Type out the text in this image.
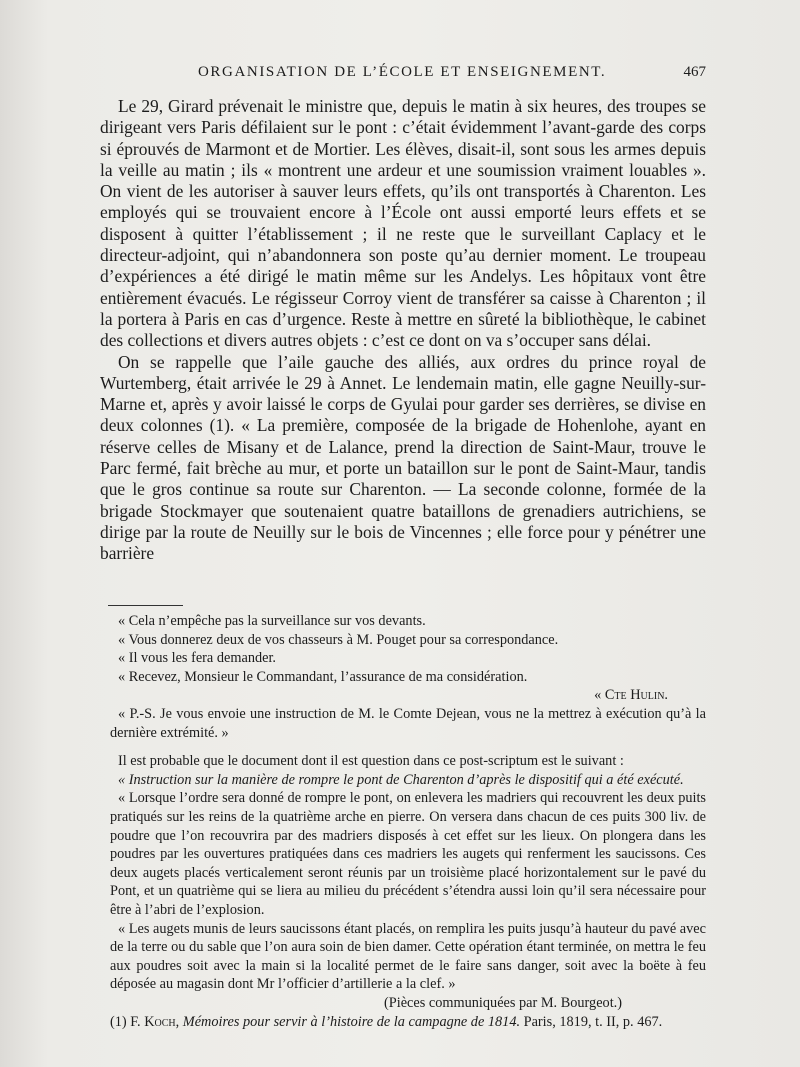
ORGANISATION DE L’ÉCOLE ET ENSEIGNEMENT.	467

Le 29, Girard prévenait le ministre que, depuis le matin à six heures, des troupes se dirigeant vers Paris défilaient sur le pont : c’était évidemment l’avant-garde des corps si éprouvés de Marmont et de Mortier. Les élèves, disait-il, sont sous les armes depuis la veille au matin ; ils « montrent une ardeur et une soumission vraiment louables ». On vient de les autoriser à sauver leurs effets, qu’ils ont transportés à Charenton. Les employés qui se trouvaient encore à l’École ont aussi emporté leurs effets et se disposent à quitter l’établissement ; il ne reste que le surveillant Caplacy et le directeur-adjoint, qui n’abandonnera son poste qu’au dernier moment. Le troupeau d’expériences a été dirigé le matin même sur les Andelys. Les hôpitaux vont être entièrement évacués. Le régisseur Corroy vient de transférer sa caisse à Charenton ; il la portera à Paris en cas d’urgence. Reste à mettre en sûreté la bibliothèque, le cabinet des collections et divers autres objets : c’est ce dont on va s’occuper sans délai.

On se rappelle que l’aile gauche des alliés, aux ordres du prince royal de Wurtemberg, était arrivée le 29 à Annet. Le lendemain matin, elle gagne Neuilly-sur-Marne et, après y avoir laissé le corps de Gyulai pour garder ses derrières, se divise en deux colonnes (1). « La première, composée de la brigade de Hohenlohe, ayant en réserve celles de Misany et de Lalance, prend la direction de Saint-Maur, trouve le Parc fermé, fait brèche au mur, et porte un bataillon sur le pont de Saint-Maur, tandis que le gros continue sa route sur Charenton. — La seconde colonne, formée de la brigade Stockmayer que soutenaient quatre bataillons de grenadiers autrichiens, se dirige par la route de Neuilly sur le bois de Vincennes ; elle force pour y pénétrer une barrière

« Cela n’empêche pas la surveillance sur vos devants.

« Vous donnerez deux de vos chasseurs à M. Pouget pour sa correspondance.

« Il vous les fera demander.

« Recevez, Monsieur le Commandant, l’assurance de ma considération.

« Cte Hulin.

« P.-S. Je vous envoie une instruction de M. le Comte Dejean, vous ne la mettrez à exécution qu’à la dernière extrémité. »

Il est probable que le document dont il est question dans ce post-scriptum est le suivant :

« Instruction sur la manière de rompre le pont de Charenton d’après le dispositif qui a été exécuté.

« Lorsque l’ordre sera donné de rompre le pont, on enlevera les madriers qui recouvrent les deux puits pratiqués sur les reins de la quatrième arche en pierre. On versera dans chacun de ces puits 300 liv. de poudre que l’on recouvrira par des madriers disposés à cet effet sur les lieux. On plongera dans les poudres par les ouvertures pratiquées dans ces madriers les augets qui renferment les saucissons. Ces deux augets placés verticalement seront réunis par un troisième placé horizontalement sur le pavé du Pont, et un quatrième qui se liera au milieu du précédent s’étendra aussi loin qu’il sera nécessaire pour être à l’abri de l’explosion.

« Les augets munis de leurs saucissons étant placés, on remplira les puits jusqu’à hauteur du pavé avec de la terre ou du sable que l’on aura soin de bien damer. Cette opération étant terminée, on mettra le feu aux poudres soit avec la main si la localité permet de le faire sans danger, soit avec la boëte à feu déposée au magasin dont Mr l’officier d’artillerie a la clef. »

(Pièces communiquées par M. Bourgeot.)

(1) F. Koch, Mémoires pour servir à l’histoire de la campagne de 1814. Paris, 1819, t. II, p. 467.
